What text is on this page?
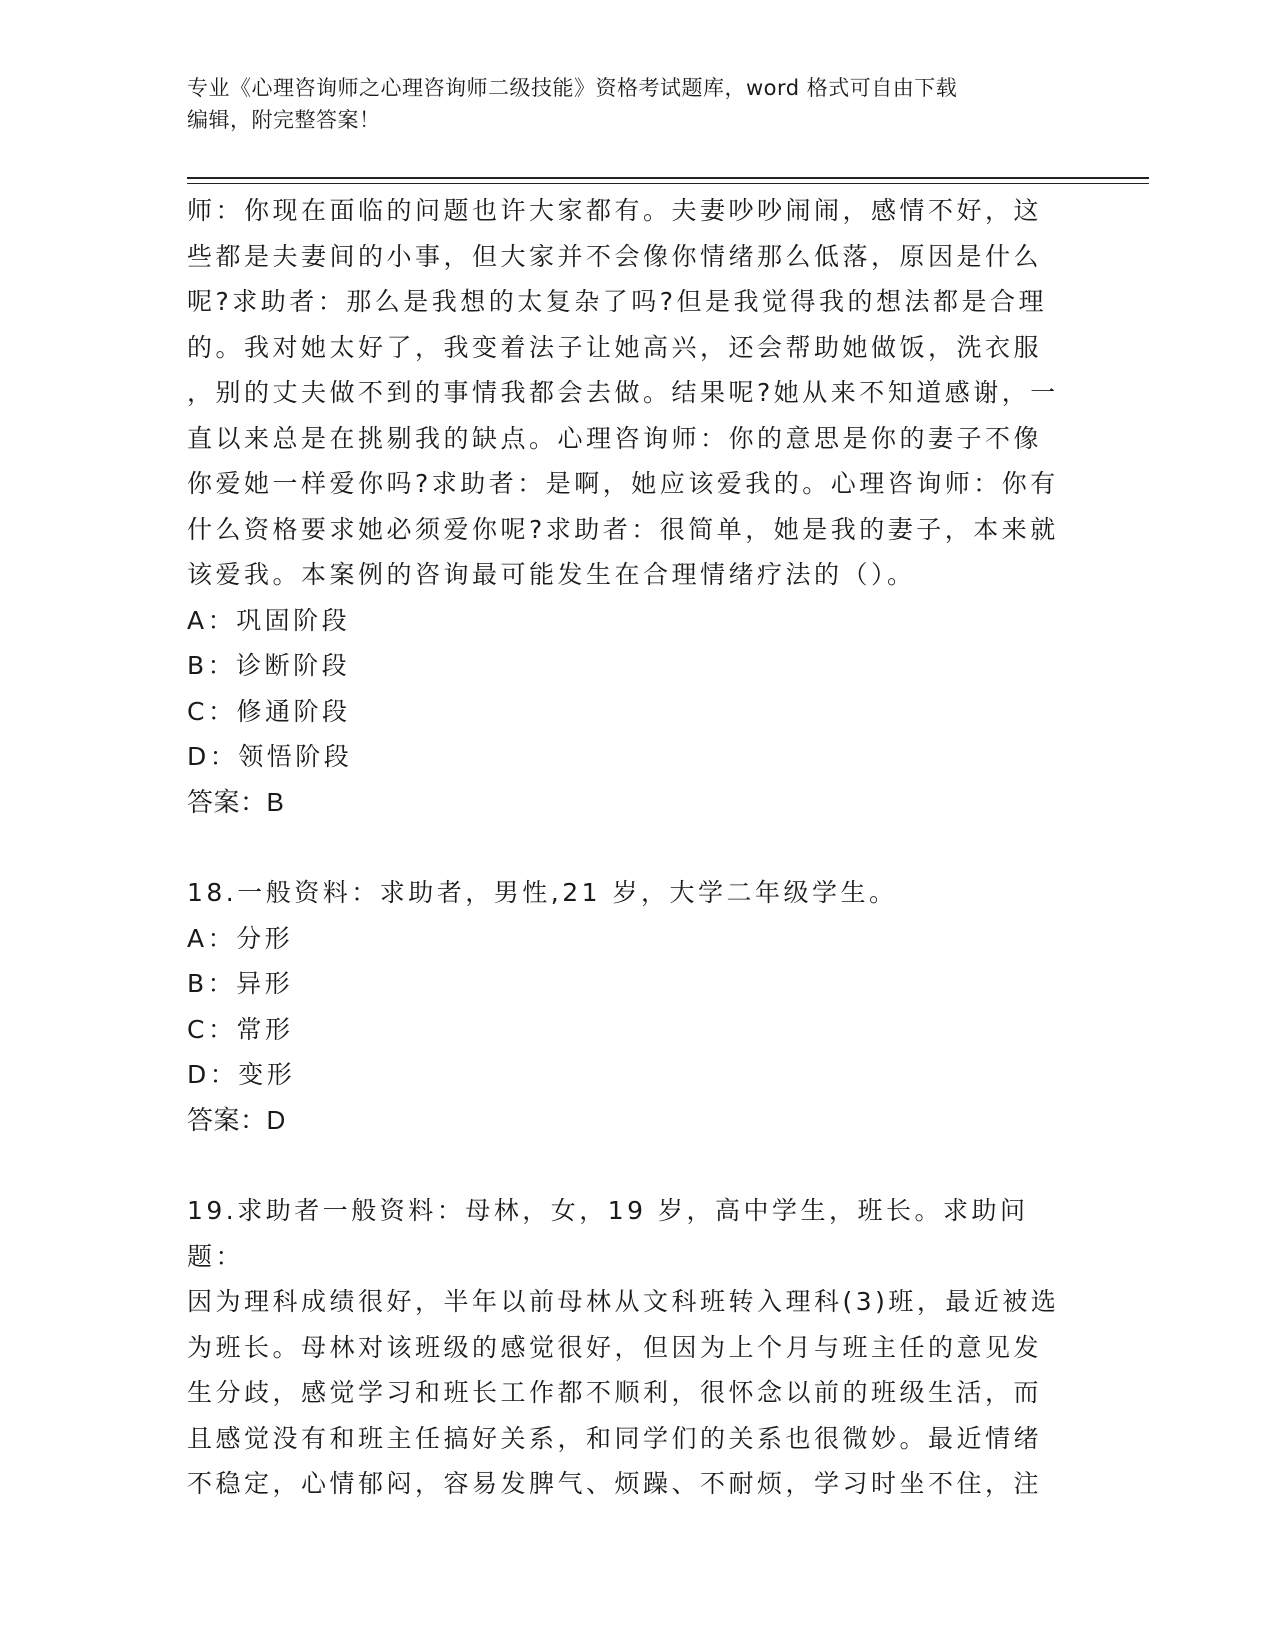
专业《心理咨询师之心理咨询师二级技能》资格考试题库，word 格式可自由下载
编辑，附完整答案！
师：你现在面临的问题也许大家都有。夫妻吵吵闹闹，感情不好，这
些都是夫妻间的小事，但大家并不会像你情绪那么低落，原因是什么
呢?求助者：那么是我想的太复杂了吗?但是我觉得我的想法都是合理
的。我对她太好了，我变着法子让她高兴，还会帮助她做饭，洗衣服
，别的丈夫做不到的事情我都会去做。结果呢?她从来不知道感谢，一
直以来总是在挑剔我的缺点。心理咨询师：你的意思是你的妻子不像
你爱她一样爱你吗?求助者：是啊，她应该爱我的。心理咨询师：你有
什么资格要求她必须爱你呢?求助者：很简单，她是我的妻子，本来就
该爱我。本案例的咨询最可能发生在合理情绪疗法的（）。
A：巩固阶段
B：诊断阶段
C：修通阶段
D：领悟阶段
答案：B
18.一般资料：求助者，男性,21 岁，大学二年级学生。
A：分形
B：异形
C：常形
D：变形
答案：D
19.求助者一般资料：母林，女，19 岁，高中学生，班长。求助问题：
因为理科成绩很好，半年以前母林从文科班转入理科(3)班，最近被选
为班长。母林对该班级的感觉很好，但因为上个月与班主任的意见发
生分歧，感觉学习和班长工作都不顺利，很怀念以前的班级生活，而
且感觉没有和班主任搞好关系，和同学们的关系也很微妙。最近情绪
不稳定，心情郁闷，容易发脾气、烦躁、不耐烦，学习时坐不住，注
